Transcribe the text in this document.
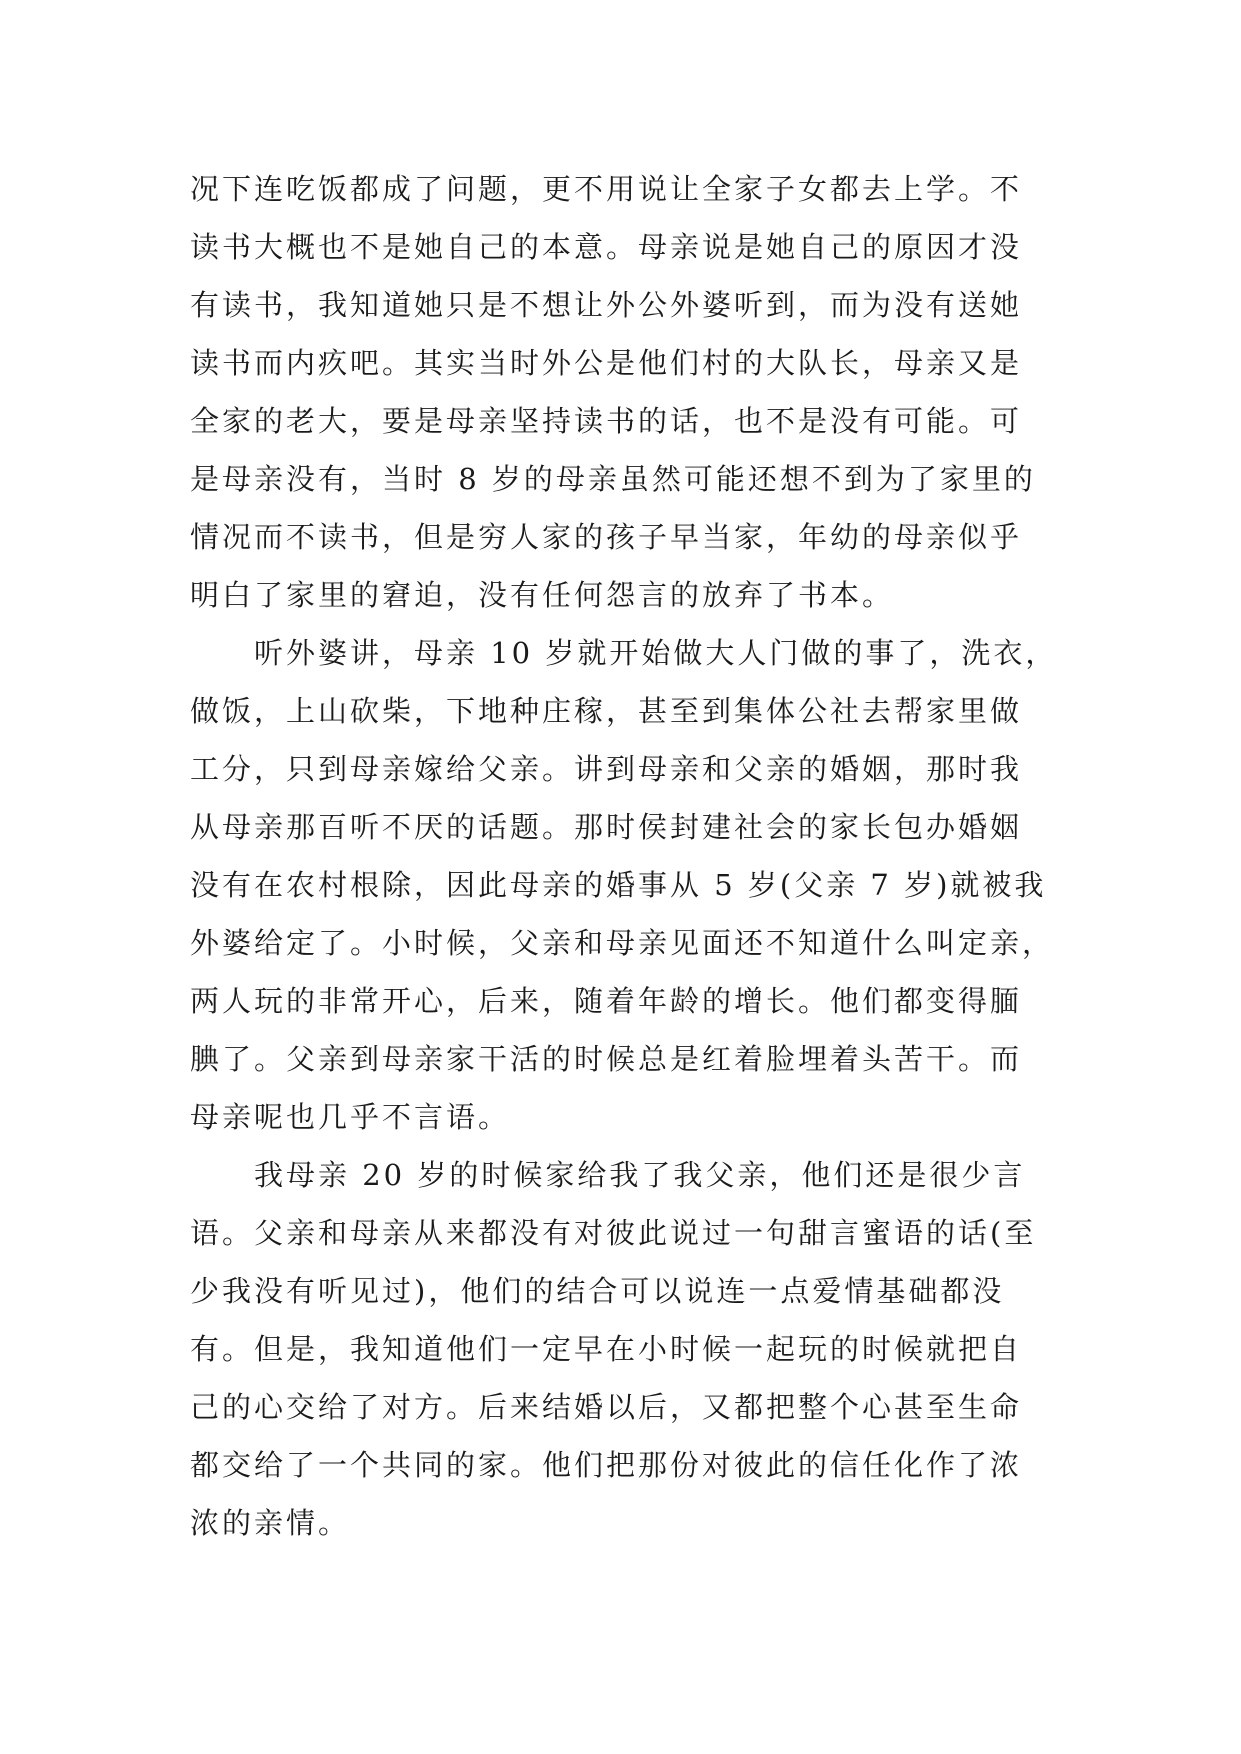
况下连吃饭都成了问题，更不用说让全家子女都去上学。不
读书大概也不是她自己的本意。母亲说是她自己的原因才没
有读书，我知道她只是不想让外公外婆听到，而为没有送她
读书而内疚吧。其实当时外公是他们村的大队长，母亲又是
全家的老大，要是母亲坚持读书的话，也不是没有可能。可
是母亲没有，当时 8 岁的母亲虽然可能还想不到为了家里的
情况而不读书，但是穷人家的孩子早当家，年幼的母亲似乎
明白了家里的窘迫，没有任何怨言的放弃了书本。
　　听外婆讲，母亲 10 岁就开始做大人门做的事了，洗衣，
做饭，上山砍柴，下地种庄稼，甚至到集体公社去帮家里做
工分，只到母亲嫁给父亲。讲到母亲和父亲的婚姻，那时我
从母亲那百听不厌的话题。那时侯封建社会的家长包办婚姻
没有在农村根除，因此母亲的婚事从 5 岁(父亲 7 岁)就被我
外婆给定了。小时候，父亲和母亲见面还不知道什么叫定亲，
两人玩的非常开心，后来，随着年龄的增长。他们都变得腼
腆了。父亲到母亲家干活的时候总是红着脸埋着头苦干。而
母亲呢也几乎不言语。
　　我母亲 20 岁的时候家给我了我父亲，他们还是很少言
语。父亲和母亲从来都没有对彼此说过一句甜言蜜语的话(至
少我没有听见过)，他们的结合可以说连一点爱情基础都没
有。但是，我知道他们一定早在小时候一起玩的时候就把自
己的心交给了对方。后来结婚以后，又都把整个心甚至生命
都交给了一个共同的家。他们把那份对彼此的信任化作了浓
浓的亲情。
